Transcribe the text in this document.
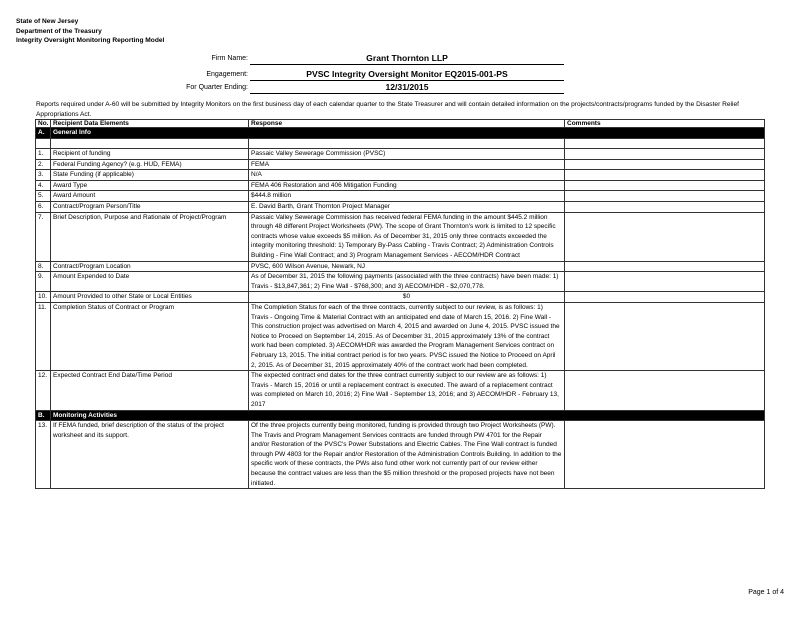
State of New Jersey
Department of the Treasury
Integrity Oversight Monitoring Reporting Model
Firm Name:	Grant Thornton LLP
Engagement:	PVSC Integrity Oversight Monitor EQ2015-001-PS
For Quarter Ending:	12/31/2015
Reports required under A-60 will be submitted by Integrity Monitors on the first business day of each calendar quarter to the State Treasurer and will contain detailed information on the projects/contracts/programs funded by the Disaster Relief Appropriations Act.
No.	Recipient Data Elements	Response	Comments
A.	General Info		

1.	Recipient of funding	Passaic Valley Sewerage Commission (PVSC)	
2.	Federal Funding Agency? (e.g. HUD, FEMA)	FEMA	
3.	State Funding (if applicable)	N/A	
4.	Award Type	FEMA 406 Restoration and 406 Mitigation Funding	
5.	Award Amount	$444.8 million	
6.	Contract/Program Person/Title	E. David Barth, Grant Thornton Project Manager	
7.	Brief Description, Purpose and Rationale of Project/Program	Passaic Valley Sewerage Commission has received federal FEMA funding in the amount $445.2 million through 48 different Project Worksheets (PW). The scope of Grant Thornton's work is limited to 12 specific contracts whose value exceeds $5 million. As of December 31, 2015 only three contracts exceeded the integrity monitoring threshold: 1) Temporary By-Pass Cabling - Travis Contract; 2) Administration Controls Building - Fine Wall Contract; and 3) Program Management Services - AECOM/HDR Contract	
8.	Contract/Program Location	PVSC, 600 Wilson Avenue, Newark, NJ	
9.	Amount Expended to Date	As of December 31, 2015 the following payments (associated with the three contracts) have been made: 1) Travis - $13,847,361; 2) Fine Wall - $768,300; and 3) AECOM/HDR - $2,070,778.	
10.	Amount Provided to other State or Local Entities	$0	
11.	Completion Status of Contract or Program	The Completion Status for each of the three contracts, currently subject to our review, is as follows: 1) Travis - Ongoing Time & Material Contract with an anticipated end date of March 15, 2016. 2) Fine Wall - This construction project was advertised on March 4, 2015 and awarded on June 4, 2015. PVSC issued the Notice to Proceed on September 14, 2015. As of December 31, 2015 approximately 13% of the contract work had been completed. 3) AECOM/HDR was awarded the Program Management Services contract on February 13, 2015. The initial contract period is for two years. PVSC issued the Notice to Proceed on April 2, 2015. As of December 31, 2015 approximately 40% of the contract work had been completed.	
12.	Expected Contract End Date/Time Period	The expected contract end dates for the three contract currently subject to our review are as follows: 1) Travis - March 15, 2016 or until a replacement contract is executed. The award of a replacement contract was completed on March 10, 2016; 2) Fine Wall - September 13, 2016; and 3) AECOM/HDR - February 13, 2017	
B.	Monitoring Activities		
13.	If FEMA funded, brief description of the status of the project worksheet and its support.	Of the three projects currently being monitored, funding is provided through two Project Worksheets (PW). The Travis and Program Management Services contracts are funded through PW 4701 for the Repair and/or Restoration of the PVSC's Power Substations and Electric Cables. The Fine Wall contract is funded through PW 4803 for the Repair and/or Restoration of the Administration Controls Building. In addition to the specific work of these contracts, the PWs also fund other work not currently part of our review either because the contract values are less than the $5 million threshold or the proposed projects have not been initiated.	
Page 1 of 4
